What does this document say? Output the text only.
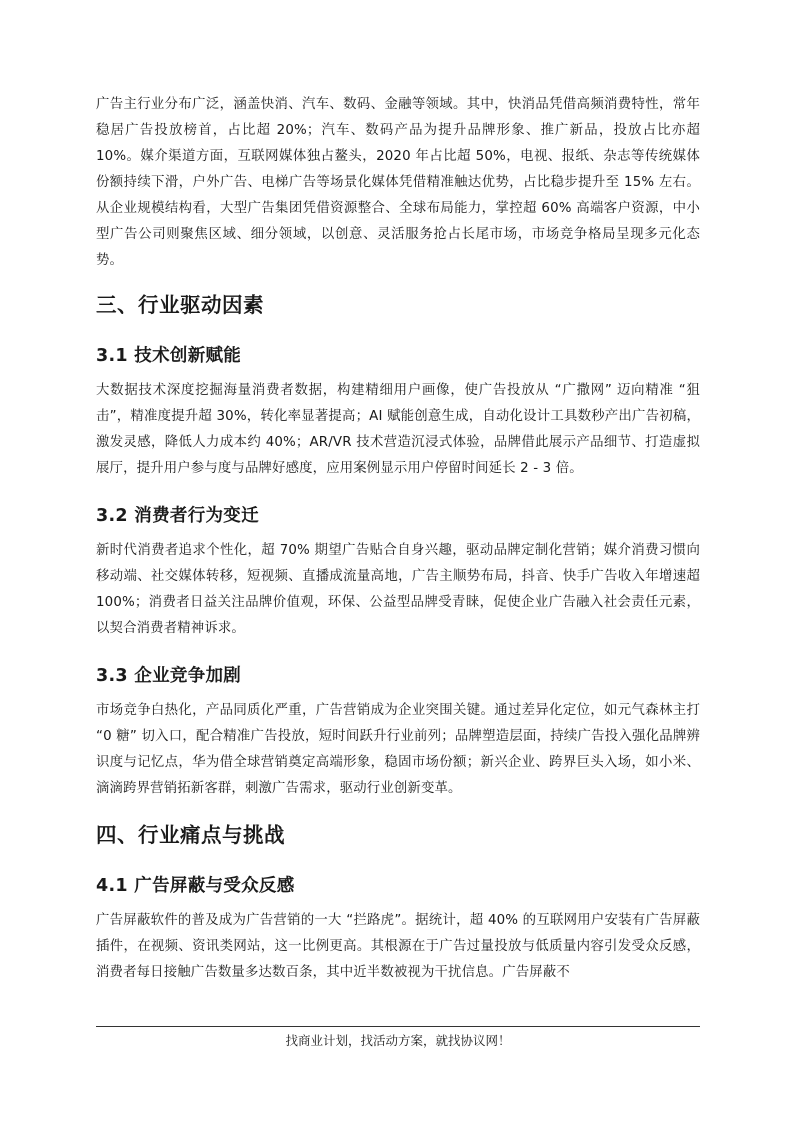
广告主行业分布广泛，涵盖快消、汽车、数码、金融等领域。其中，快消品凭借高频消费特性，常年稳居广告投放榜首，占比超 20%；汽车、数码产品为提升品牌形象、推广新品，投放占比亦超 10%。媒介渠道方面，互联网媒体独占鳌头，2020 年占比超 50%，电视、报纸、杂志等传统媒体份额持续下滑，户外广告、电梯广告等场景化媒体凭借精准触达优势，占比稳步提升至 15% 左右。从企业规模结构看，大型广告集团凭借资源整合、全球布局能力，掌控超 60% 高端客户资源，中小型广告公司则聚焦区域、细分领域，以创意、灵活服务抢占长尾市场，市场竞争格局呈现多元化态势。

三、行业驱动因素
3.1 技术创新赋能

大数据技术深度挖掘海量消费者数据，构建精细用户画像，使广告投放从 “广撒网” 迈向精准 “狙击”，精准度提升超 30%，转化率显著提高；AI 赋能创意生成，自动化设计工具数秒产出广告初稿，激发灵感，降低人力成本约 40%；AR/VR 技术营造沉浸式体验，品牌借此展示产品细节、打造虚拟展厅，提升用户参与度与品牌好感度，应用案例显示用户停留时间延长 2 - 3 倍。

3.2 消费者行为变迁

新时代消费者追求个性化，超 70% 期望广告贴合自身兴趣，驱动品牌定制化营销；媒介消费习惯向移动端、社交媒体转移，短视频、直播成流量高地，广告主顺势布局，抖音、快手广告收入年增速超 100%；消费者日益关注品牌价值观，环保、公益型品牌受青睐，促使企业广告融入社会责任元素，以契合消费者精神诉求。

3.3 企业竞争加剧

市场竞争白热化，产品同质化严重，广告营销成为企业突围关键。通过差异化定位，如元气森林主打 “0 糖” 切入口，配合精准广告投放，短时间跃升行业前列；品牌塑造层面，持续广告投入强化品牌辨识度与记忆点，华为借全球营销奠定高端形象，稳固市场份额；新兴企业、跨界巨头入场，如小米、滴滴跨界营销拓新客群，刺激广告需求，驱动行业创新变革。

四、行业痛点与挑战
4.1 广告屏蔽与受众反感

广告屏蔽软件的普及成为广告营销的一大 “拦路虎”。据统计，超 40% 的互联网用户安装有广告屏蔽插件，在视频、资讯类网站，这一比例更高。其根源在于广告过量投放与低质量内容引发受众反感，消费者每日接触广告数量多达数百条，其中近半数被视为干扰信息。广告屏蔽不

找商业计划，找活动方案，就找协议网！
